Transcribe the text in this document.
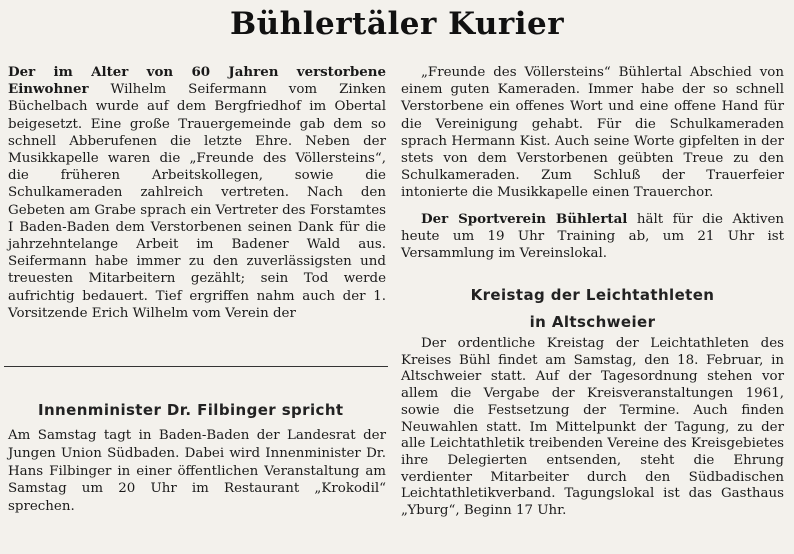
Bühlertäler Kurier

Der im Alter von 60 Jahren verstorbene Einwohner Wilhelm Seifermann vom Zinken Büchelbach wurde auf dem Bergfriedhof im Obertal beigesetzt. Eine große Trauergemeinde gab dem so schnell Abberufenen die letzte Ehre. Neben der Musikkapelle waren die „Freunde des Völlersteins“, die früheren Arbeitskollegen, sowie die Schulkameraden zahlreich vertreten. Nach den Gebeten am Grabe sprach ein Vertreter des Forstamtes I Baden-Baden dem Verstorbenen seinen Dank für die jahrzehntelange Arbeit im Badener Wald aus. Seifermann habe immer zu den zuverlässigsten und treuesten Mitarbeitern gezählt; sein Tod werde aufrichtig bedauert. Tief ergriffen nahm auch der 1. Vorsitzende Erich Wilhelm vom Verein der

Innenminister Dr. Filbinger spricht

Am Samstag tagt in Baden-Baden der Landesrat der Jungen Union Südbaden. Dabei wird Innenminister Dr. Hans Filbinger in einer öffentlichen Veranstaltung am Samstag um 20 Uhr im Restaurant „Krokodil“ sprechen.

„Freunde des Völlersteins“ Bühlertal Abschied von einem guten Kameraden. Immer habe der so schnell Verstorbene ein offenes Wort und eine offene Hand für die Vereinigung gehabt. Für die Schulkameraden sprach Hermann Kist. Auch seine Worte gipfelten in der stets von dem Verstorbenen geübten Treue zu den Schulkameraden. Zum Schluß der Trauerfeier intonierte die Musikkapelle einen Trauerchor.

Der Sportverein Bühlertal hält für die Aktiven heute um 19 Uhr Training ab, um 21 Uhr ist Versammlung im Vereinslokal.

Kreistag der Leichtathleten
in Altschweier

Der ordentliche Kreistag der Leichtathleten des Kreises Bühl findet am Samstag, den 18. Februar, in Altschweier statt. Auf der Tagesordnung stehen vor allem die Vergabe der Kreisveranstaltungen 1961, sowie die Festsetzung der Termine. Auch finden Neuwahlen statt. Im Mittelpunkt der Tagung, zu der alle Leichtathletik treibenden Vereine des Kreisgebietes ihre Delegierten entsenden, steht die Ehrung verdienter Mitarbeiter durch den Südbadischen Leichtathletikverband. Tagungslokal ist das Gasthaus „Yburg“, Beginn 17 Uhr.
